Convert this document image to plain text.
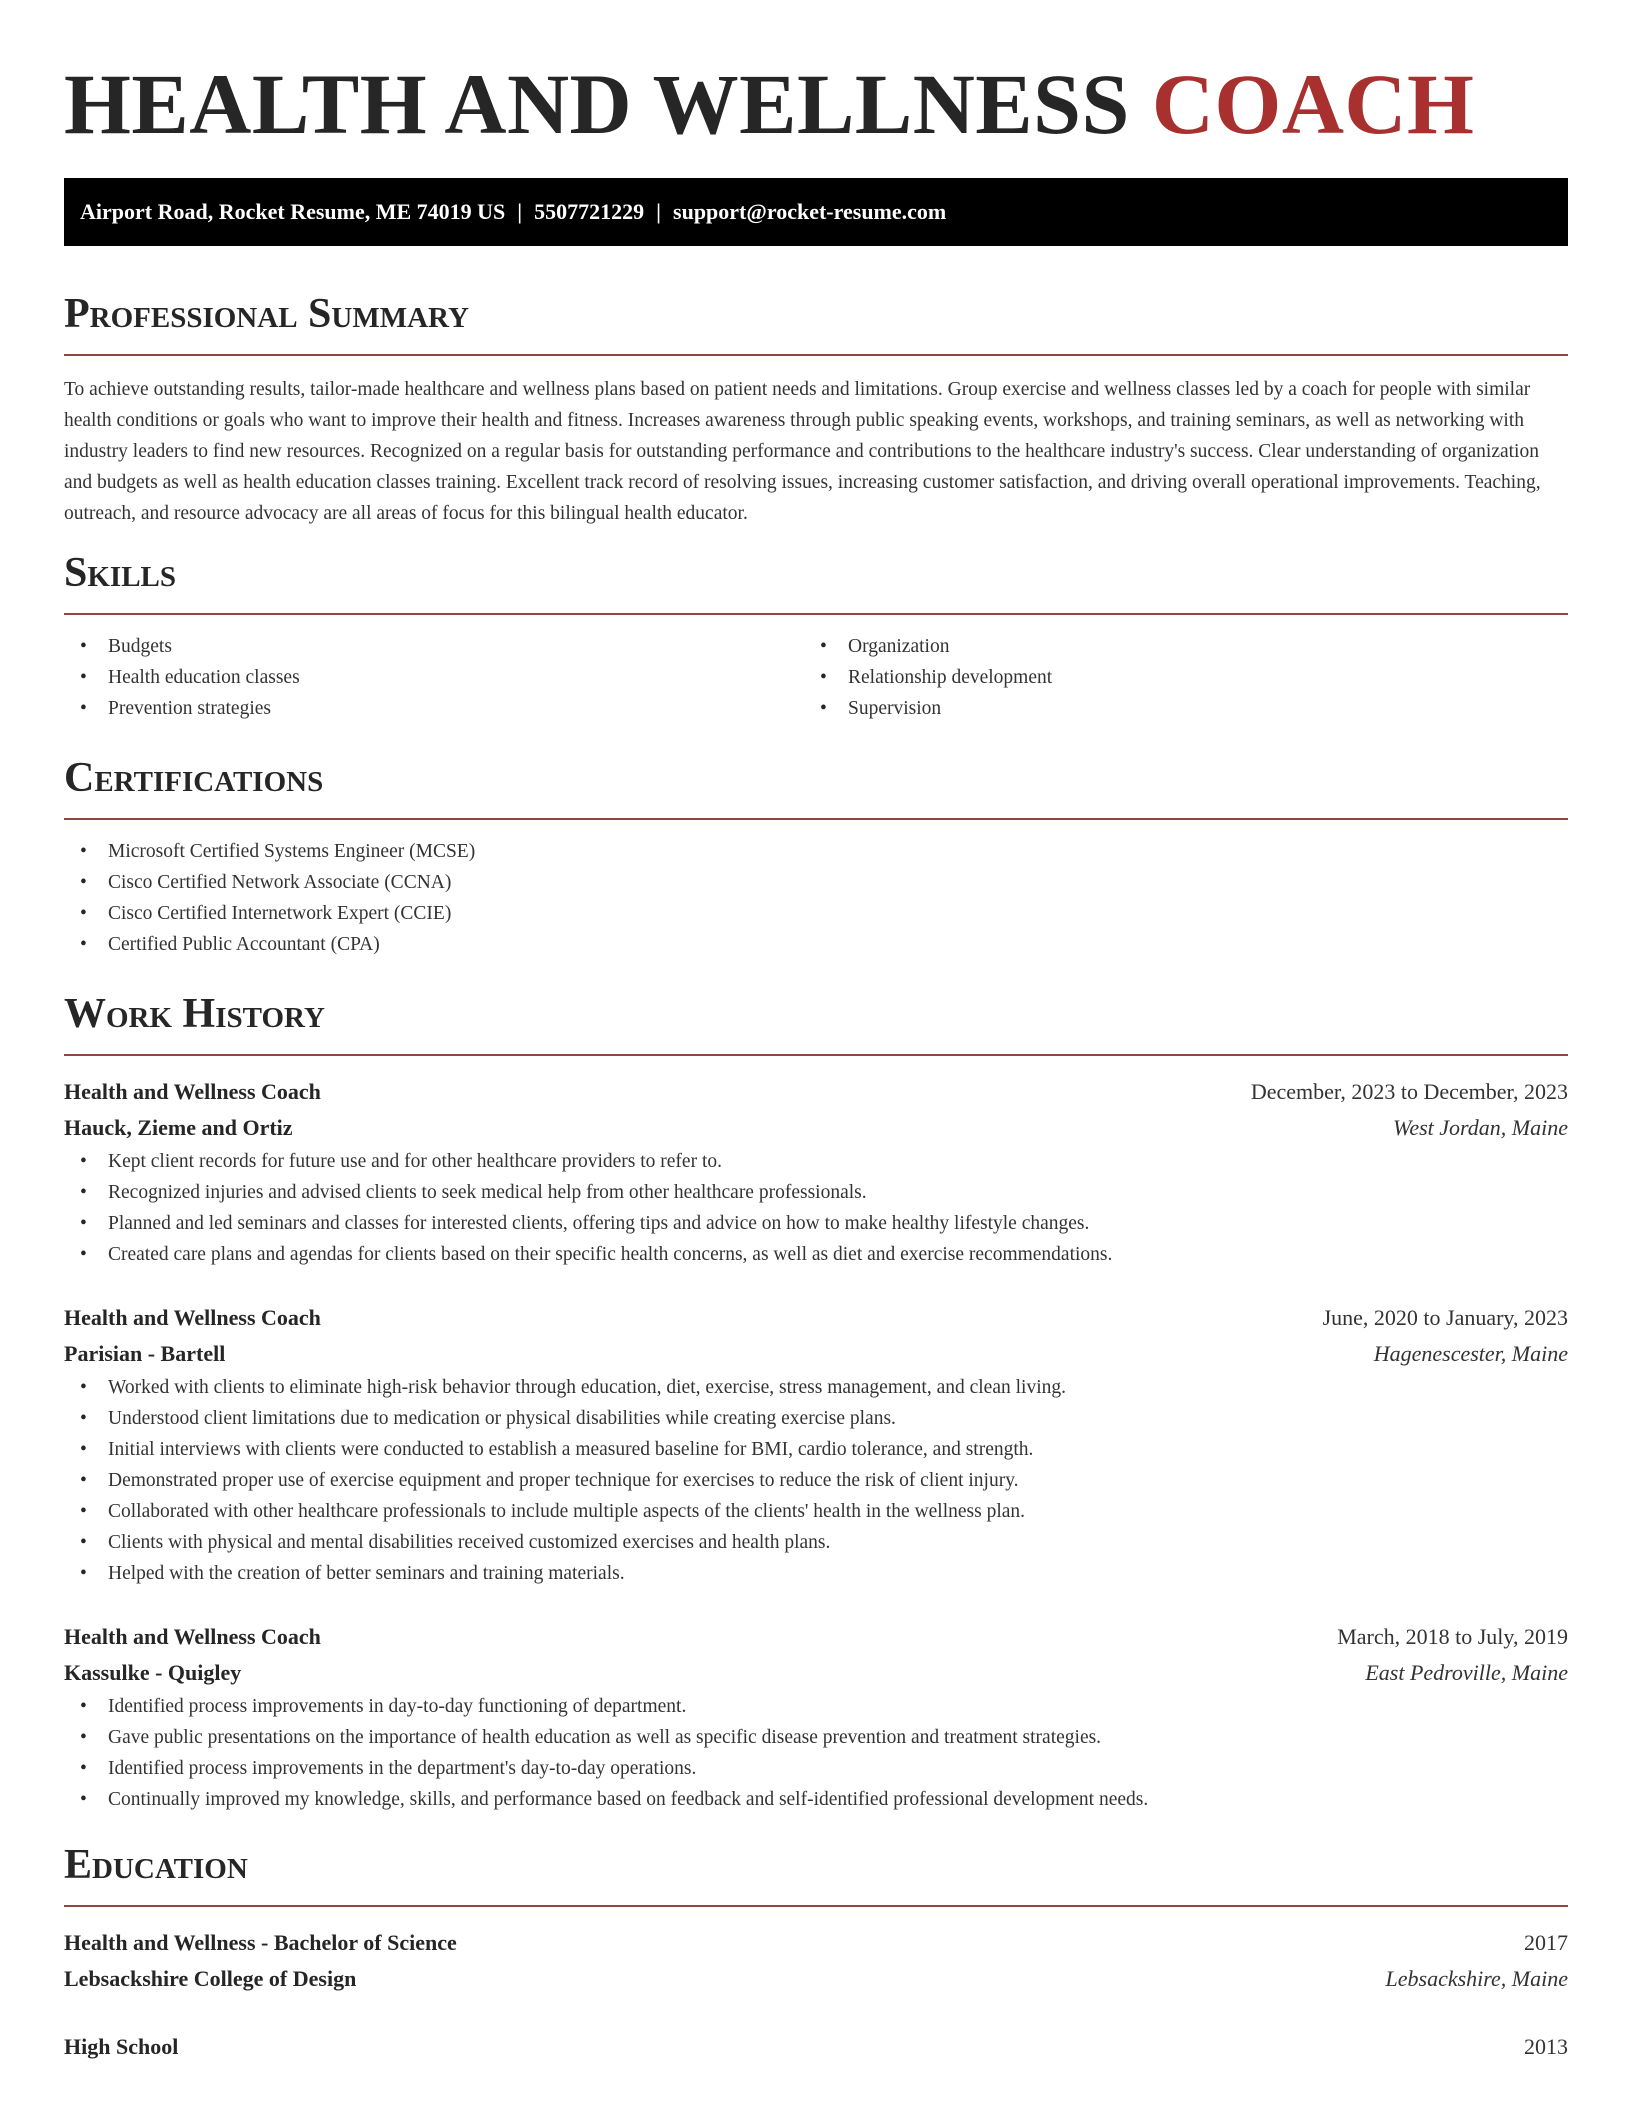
HEALTH AND WELLNESS COACH
Airport Road, Rocket Resume, ME 74019 US | 5507721229 | support@rocket-resume.com
Professional Summary

To achieve outstanding results, tailor-made healthcare and wellness plans based on patient needs and limitations. Group exercise and wellness classes led by a coach for people with similar health conditions or goals who want to improve their health and fitness. Increases awareness through public speaking events, workshops, and training seminars, as well as networking with industry leaders to find new resources. Recognized on a regular basis for outstanding performance and contributions to the healthcare industry's success. Clear understanding of organization and budgets as well as health education classes training. Excellent track record of resolving issues, increasing customer satisfaction, and driving overall operational improvements. Teaching, outreach, and resource advocacy are all areas of focus for this bilingual health educator.

Skills
• Budgets
• Health education classes
• Prevention strategies
• Organization
• Relationship development
• Supervision
Certifications
• Microsoft Certified Systems Engineer (MCSE)
• Cisco Certified Network Associate (CCNA)
• Cisco Certified Internetwork Expert (CCIE)
• Certified Public Accountant (CPA)
Work History
Health and Wellness Coach	December, 2023 to December, 2023
Hauck, Zieme and Ortiz	West Jordan, Maine
• Kept client records for future use and for other healthcare providers to refer to.
• Recognized injuries and advised clients to seek medical help from other healthcare professionals.
• Planned and led seminars and classes for interested clients, offering tips and advice on how to make healthy lifestyle changes.
• Created care plans and agendas for clients based on their specific health concerns, as well as diet and exercise recommendations.
Health and Wellness Coach	June, 2020 to January, 2023
Parisian - Bartell	Hagenescester, Maine
• Worked with clients to eliminate high-risk behavior through education, diet, exercise, stress management, and clean living.
• Understood client limitations due to medication or physical disabilities while creating exercise plans.
• Initial interviews with clients were conducted to establish a measured baseline for BMI, cardio tolerance, and strength.
• Demonstrated proper use of exercise equipment and proper technique for exercises to reduce the risk of client injury.
• Collaborated with other healthcare professionals to include multiple aspects of the clients' health in the wellness plan.
• Clients with physical and mental disabilities received customized exercises and health plans.
• Helped with the creation of better seminars and training materials.
Health and Wellness Coach	March, 2018 to July, 2019
Kassulke - Quigley	East Pedroville, Maine
• Identified process improvements in day-to-day functioning of department.
• Gave public presentations on the importance of health education as well as specific disease prevention and treatment strategies.
• Identified process improvements in the department's day-to-day operations.
• Continually improved my knowledge, skills, and performance based on feedback and self-identified professional development needs.
Education
Health and Wellness - Bachelor of Science	2017
Lebsackshire College of Design	Lebsackshire, Maine
High School	2013
